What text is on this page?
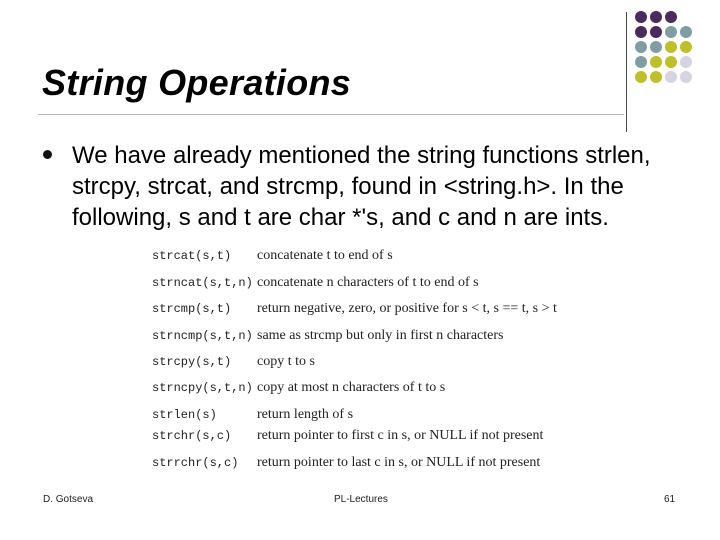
String Operations
We have already mentioned the string functions strlen, strcpy, strcat, and strcmp, found in <string.h>. In the following, s and t are char *'s, and c and n are ints.
strcat(s,t) concatenate t to end of s
strncat(s,t,n) concatenate n characters of t to end of s
strcmp(s,t) return negative, zero, or positive for s < t, s == t, s > t
strncmp(s,t,n) same as strcmp but only in first n characters
strcpy(s,t) copy t to s
strncpy(s,t,n) copy at most n characters of t to s
strlen(s)	return length of s
strchr(s,c) return pointer to first c in s, or NULL if not present
strrchr(s,c) return pointer to last c in s, or NULL if not present
D. Gotseva	PL-Lectures	61
